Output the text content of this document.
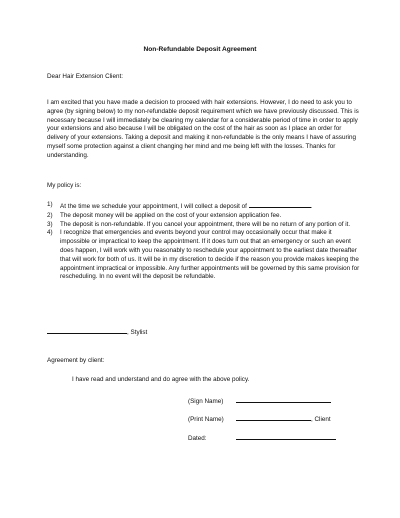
Non-Refundable Deposit Agreement
Dear Hair Extension Client:

I am excited that you have made a decision to proceed with hair extensions. However, I do need to ask you to agree (by signing below) to my non-refundable deposit requirement which we have previously discussed. This is necessary because I will immediately be clearing my calendar for a considerable period of time in order to apply your extensions and also because I will be obligated on the cost of the hair as soon as I place an order for delivery of your extensions. Taking a deposit and making it non-refundable is the only means I have of assuring myself some protection against a client changing her mind and me being left with the losses. Thanks for understanding.

My policy is:
1) At the time we schedule your appointment, I will collect a deposit of	.
2) The deposit money will be applied on the cost of your extension application fee.
3) The deposit is non-refundable. If you cancel your appointment, there will be no return of any portion of it.
4) I recognize that emergencies and events beyond your control may occasionally occur that make it impossible or impractical to keep the appointment. If it does turn out that an emergency or such an event does happen, I will work with you reasonably to reschedule your appointment to the earliest date thereafter that will work for both of us. It will be in my discretion to decide if the reason you provide makes keeping the appointment impractical or impossible. Any further appointments will be governed by this same provision for rescheduling. In no event will the deposit be refundable.
, Stylist
Agreement by client:
I have read and understand and do agree with the above policy.
(Sign Name)
(Print Name)	, Client
Dated:
